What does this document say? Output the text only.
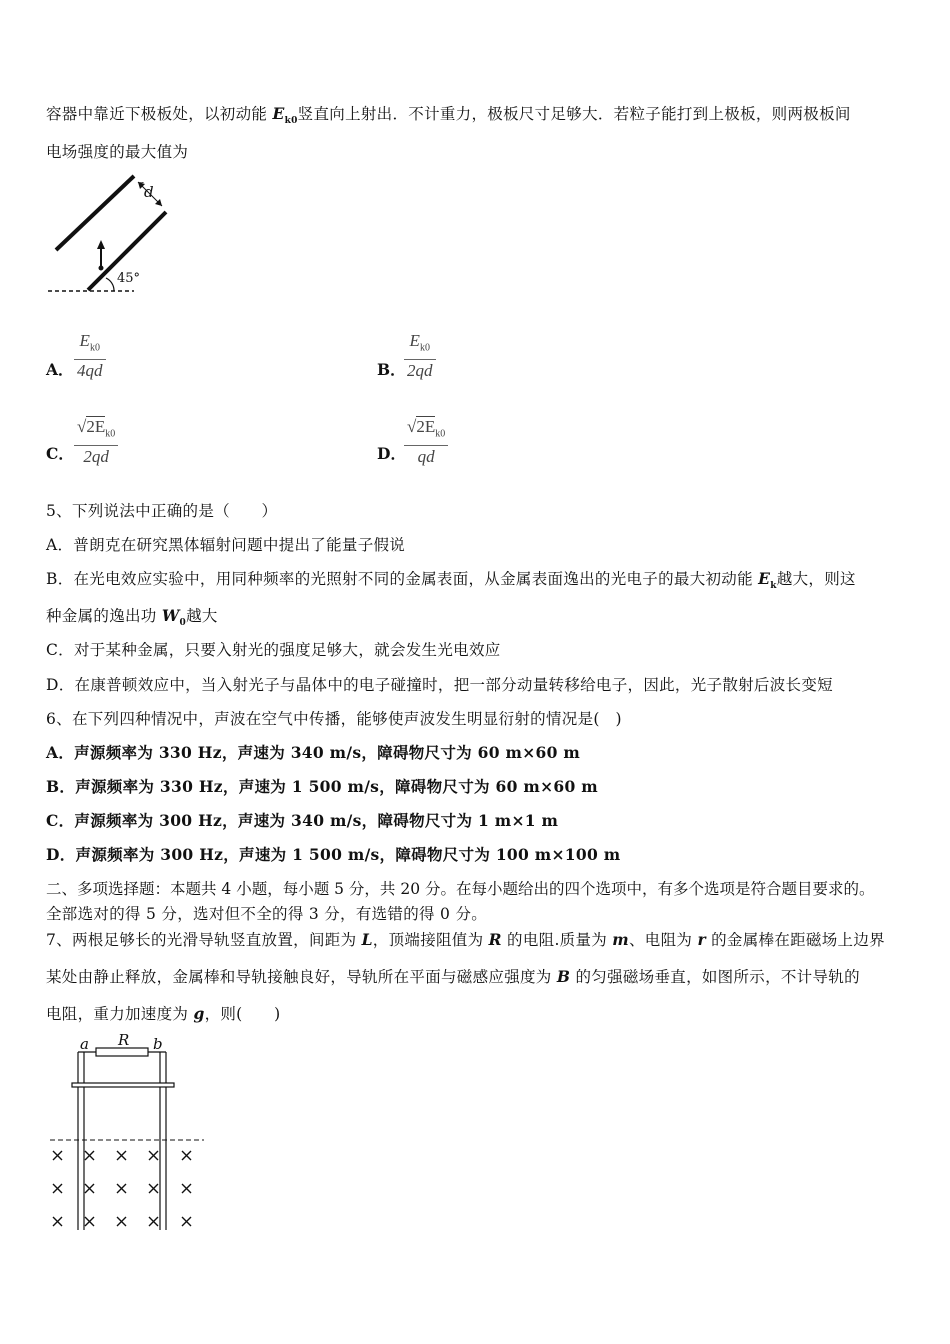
容器中靠近下极板处，以初动能 $E_{k0}$竖直向上射出．不计重力，极板尺寸足够大．若粒子能打到上极板，则两极板间
电场强度的最大值为
d
45°
A． $\frac{E_{k0}}{4qd}$	B．
$\frac{E_{k0}}{2qd}$
C． $\frac{√2E_{k0}}{2qd}$	D．
$\frac{√2E_{k0}}{qd}$
5、下列说法中正确的是（　　）
A．普朗克在研究黑体辐射问题中提出了能量子假说
B．在光电效应实验中，用同种频率的光照射不同的金属表面，从金属表面逸出的光电子的最大初动能 $E_k$越大，则这
种金属的逸出功 $W_0$越大
C．对于某种金属，只要入射光的强度足够大，就会发生光电效应
D．在康普顿效应中，当入射光子与晶体中的电子碰撞时，把一部分动量转移给电子，因此，光子散射后波长变短
6、在下列四种情况中，声波在空气中传播，能够使声波发生明显衍射的情况是(　)
A．声源频率为 330 Hz，声速为 340 m/s，障碍物尺寸为 60 m×60 m
B．声源频率为 330 Hz，声速为 1 500 m/s，障碍物尺寸为 60 m×60 m
C．声源频率为 300 Hz，声速为 340 m/s，障碍物尺寸为 1 m×1 m
D．声源频率为 300 Hz，声速为 1 500 m/s，障碍物尺寸为 100 m×100 m
二、多项选择题：本题共 4 小题，每小题 5 分，共 20 分。在每小题给出的四个选项中，有多个选项是符合题目要求的。
全部选对的得 5 分，选对但不全的得 3 分，有选错的得 0 分。
7、两根足够长的光滑导轨竖直放置，间距为 L，顶端接阻值为 R 的电阻.质量为 m、电阻为 r 的金属棒在距磁场上边界
某处由静止释放，金属棒和导轨接触良好，导轨所在平面与磁感应强度为 B 的匀强磁场垂直，如图所示，不计导轨的
电阻，重力加速度为 g，则(　　)
a R b
